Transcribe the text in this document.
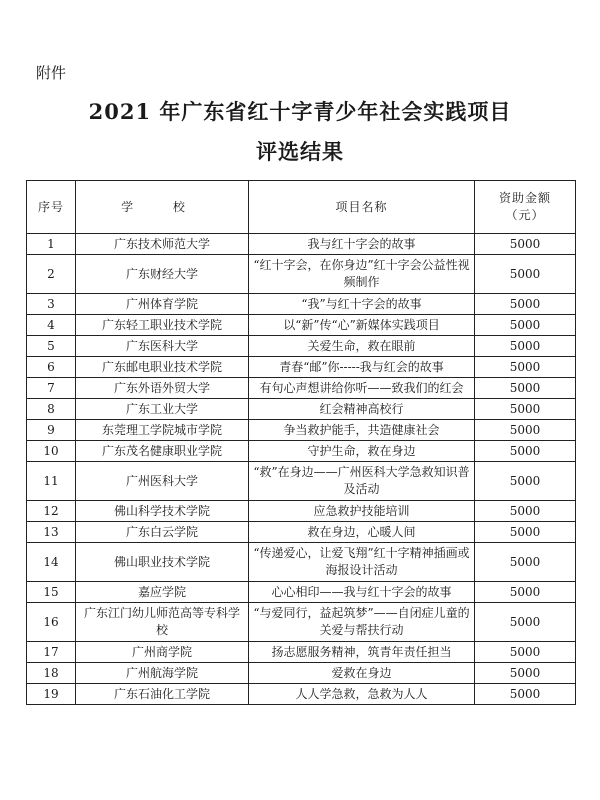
附件
2021 年广东省红十字青少年社会实践项目
评选结果
序号	学 校	项目名称	资助金额
（元）

1	广东技术师范大学	我与红十字会的故事	5000
2	广东财经大学	“红十字会，在你身边”红十字会公益性视频制作	5000
3	广州体育学院	“我”与红十字会的故事	5000
4	广东轻工职业技术学院	以“新”传“心”新媒体实践项目	5000
5	广东医科大学	关爱生命，救在眼前	5000
6	广东邮电职业技术学院	青春“邮”你-----我与红会的故事	5000
7	广东外语外贸大学	有句心声想讲给你听——致我们的红会	5000
8	广东工业大学	红会精神高校行	5000
9	东莞理工学院城市学院	争当救护能手，共造健康社会	5000
10	广东茂名健康职业学院	守护生命，救在身边	5000
11	广州医科大学	“救”在身边——广州医科大学急救知识普及活动	5000
12	佛山科学技术学院	应急救护技能培训	5000
13	广东白云学院	救在身边，心暖人间	5000
14	佛山职业技术学院	“传递爱心，让爱飞翔”红十字精神插画或海报设计活动	5000
15	嘉应学院	心心相印——我与红十字会的故事	5000
16	广东江门幼儿师范高等专科学校	“与爱同行，益起筑梦”——自闭症儿童的关爱与帮扶行动	5000
17	广州商学院	扬志愿服务精神，筑青年责任担当	5000
18	广州航海学院	爱救在身边	5000
19	广东石油化工学院	人人学急救，急救为人人	5000
